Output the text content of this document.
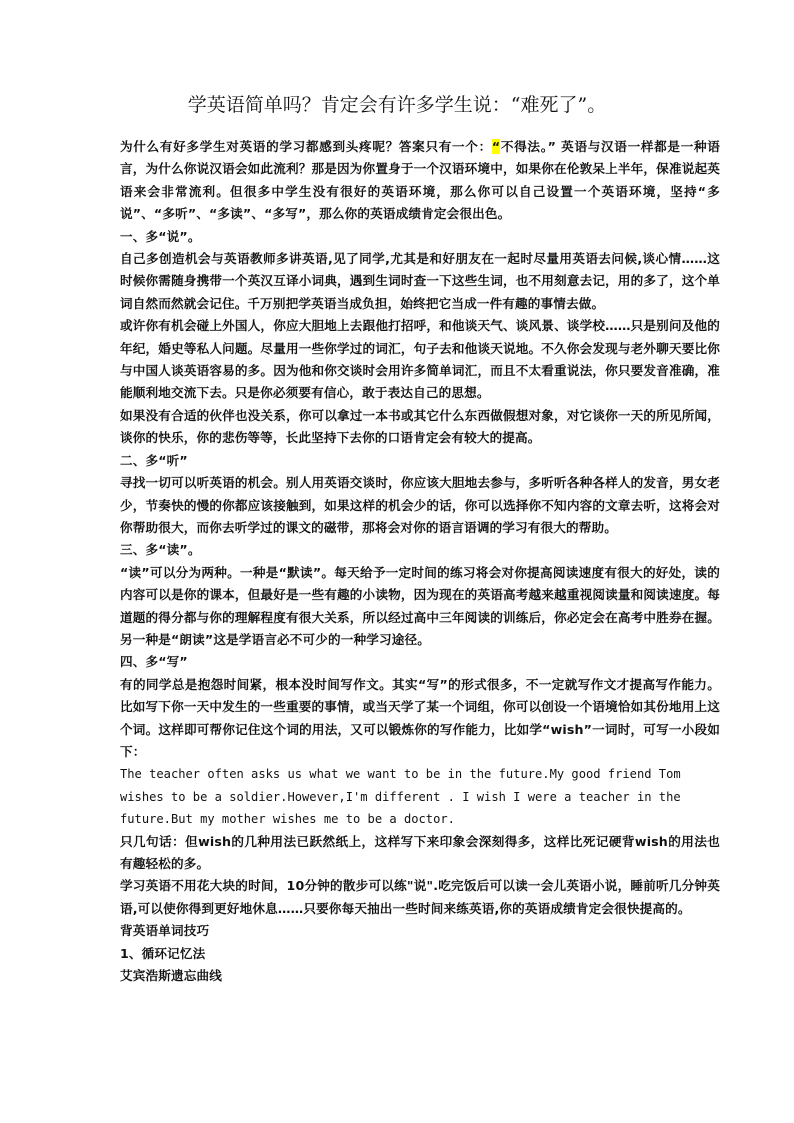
学英语简单吗？肯定会有许多学生说：“难死了”。

为什么有好多学生对英语的学习都感到头疼呢？答案只有一个：“不得法。” 英语与汉语一样都是一种语言，为什么你说汉语会如此流利？那是因为你置身于一个汉语环境中，如果你在伦敦呆上半年，保准说起英语来会非常流利。但很多中学生没有很好的英语环境，那么你可以自己设置一个英语环境，坚持“多说”、“多听”、“多读”、“多写”，那么你的英语成绩肯定会很出色。

一、多“说”。

自己多创造机会与英语教师多讲英语,见了同学,尤其是和好朋友在一起时尽量用英语去问候,谈心情……这时候你需随身携带一个英汉互译小词典，遇到生词时查一下这些生词，也不用刻意去记，用的多了，这个单词自然而然就会记住。千万别把学英语当成负担，始终把它当成一件有趣的事情去做。

或许你有机会碰上外国人，你应大胆地上去跟他打招呼，和他谈天气、谈风景、谈学校……只是别问及他的年纪，婚史等私人问题。尽量用一些你学过的词汇，句子去和他谈天说地。不久你会发现与老外聊天要比你与中国人谈英语容易的多。因为他和你交谈时会用许多简单词汇，而且不太看重说法，你只要发音准确，准能顺利地交流下去。只是你必须要有信心，敢于表达自己的思想。

如果没有合适的伙伴也没关系，你可以拿过一本书或其它什么东西做假想对象，对它谈你一天的所见所闻，谈你的快乐，你的悲伤等等，长此坚持下去你的口语肯定会有较大的提高。

二、多“听”

寻找一切可以听英语的机会。别人用英语交谈时，你应该大胆地去参与，多听听各种各样人的发音，男女老少，节奏快的慢的你都应该接触到，如果这样的机会少的话，你可以选择你不知内容的文章去听，这将会对你帮助很大，而你去听学过的课文的磁带，那将会对你的语言语调的学习有很大的帮助。

三、多“读”。

“读”可以分为两种。一种是“默读”。每天给予一定时间的练习将会对你提高阅读速度有很大的好处，读的内容可以是你的课本，但最好是一些有趣的小读物，因为现在的英语高考越来越重视阅读量和阅读速度。每道题的得分都与你的理解程度有很大关系，所以经过高中三年阅读的训练后，你必定会在高考中胜券在握。 另一种是“朗读”这是学语言必不可少的一种学习途径。

四、多“写”

有的同学总是抱怨时间紧，根本没时间写作文。其实“写”的形式很多，不一定就写作文才提高写作能力。比如写下你一天中发生的一些重要的事情，或当天学了某一个词组，你可以创设一个语境恰如其份地用上这个词。这样即可帮你记住这个词的用法，又可以锻炼你的写作能力，比如学“wish”一词时，可写一小段如下：

The teacher often asks us what we want to be in the future.My good friend Tom wishes to be a soldier.However,I'm different . I wish I were a teacher in the future.But my mother wishes me to be a doctor.

只几句话：但wish的几种用法已跃然纸上，这样写下来印象会深刻得多，这样比死记硬背wish的用法也有趣轻松的多。

学习英语不用花大块的时间，10分钟的散步可以练"说".吃完饭后可以读一会儿英语小说，睡前听几分钟英语,可以使你得到更好地休息……只要你每天抽出一些时间来练英语,你的英语成绩肯定会很快提高的。

背英语单词技巧

1、循环记忆法

艾宾浩斯遗忘曲线
